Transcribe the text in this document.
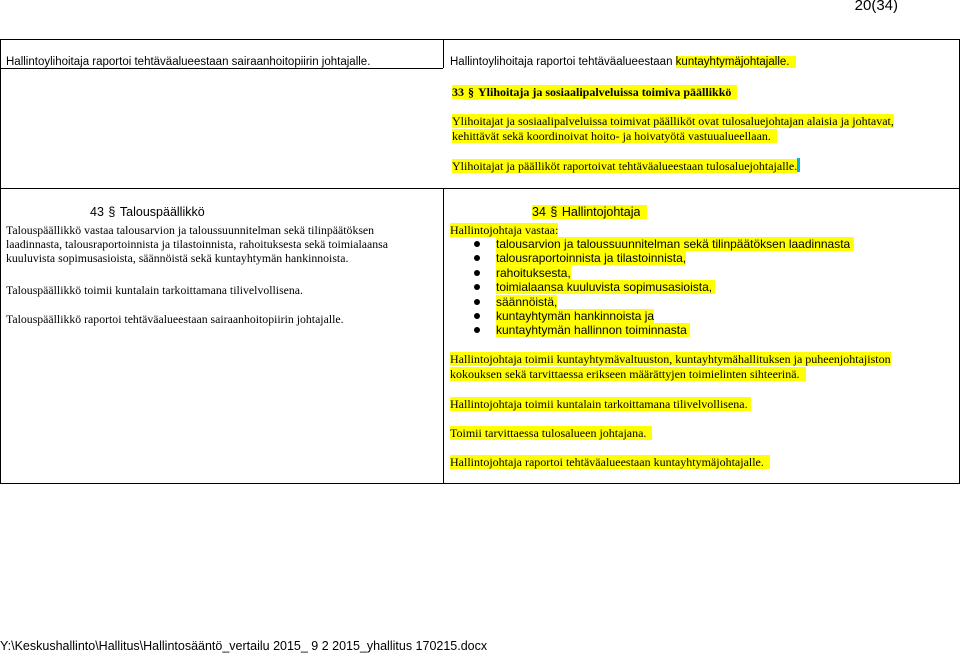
20(34)
Hallintoylihoitaja raportoi tehtäväalueestaan sairaanhoitopiirin johtajalle.	Hallintoylihoitaja raportoi tehtäväalueestaan kuntayhtymäjohtajalle.
33 § Ylihoitaja ja sosiaalipalveluissa toimiva päällikkö
Ylihoitajat ja sosiaalipalveluissa toimivat päälliköt ovat tulosaluejohtajan alaisia ja johtavat,
kehittävät sekä koordinoivat hoito- ja hoivatyötä vastuualueellaan.
Ylihoitajat ja päälliköt raportoivat tehtäväalueestaan tulosaluejohtajalle.
43 § Talouspäällikkö
Talouspäällikkö vastaa talousarvion ja taloussuunnitelman sekä tilinpäätöksen
laadinnasta, talousraportoinnista ja tilastoinnista, rahoituksesta sekä toimialaansa
kuuluvista sopimusasioista, säännöistä sekä kuntayhtymän hankinnoista.
Talouspäällikkö toimii kuntalain tarkoittamana tilivelvollisena.
Talouspäällikkö raportoi tehtäväalueestaan sairaanhoitopiirin johtajalle.
34 § Hallintojohtaja
Hallintojohtaja vastaa:
talousarvion ja taloussuunnitelman sekä tilinpäätöksen laadinnasta
talousraportoinnista ja tilastoinnista,
rahoituksesta,
toimialaansa kuuluvista sopimusasioista,
säännöistä,
kuntayhtymän hankinnoista ja
kuntayhtymän hallinnon toiminnasta
Hallintojohtaja toimii kuntayhtymävaltuuston, kuntayhtymähallituksen ja puheenjohtajiston
kokouksen sekä tarvittaessa erikseen määrättyjen toimielinten sihteerinä.
Hallintojohtaja toimii kuntalain tarkoittamana tilivelvollisena.
Toimii tarvittaessa tulosalueen johtajana.
Hallintojohtaja raportoi tehtäväalueestaan kuntayhtymäjohtajalle.
Y:\Keskushallinto\Hallitus\Hallintosääntö_vertailu 2015_ 9 2 2015_yhallitus 170215.docx
